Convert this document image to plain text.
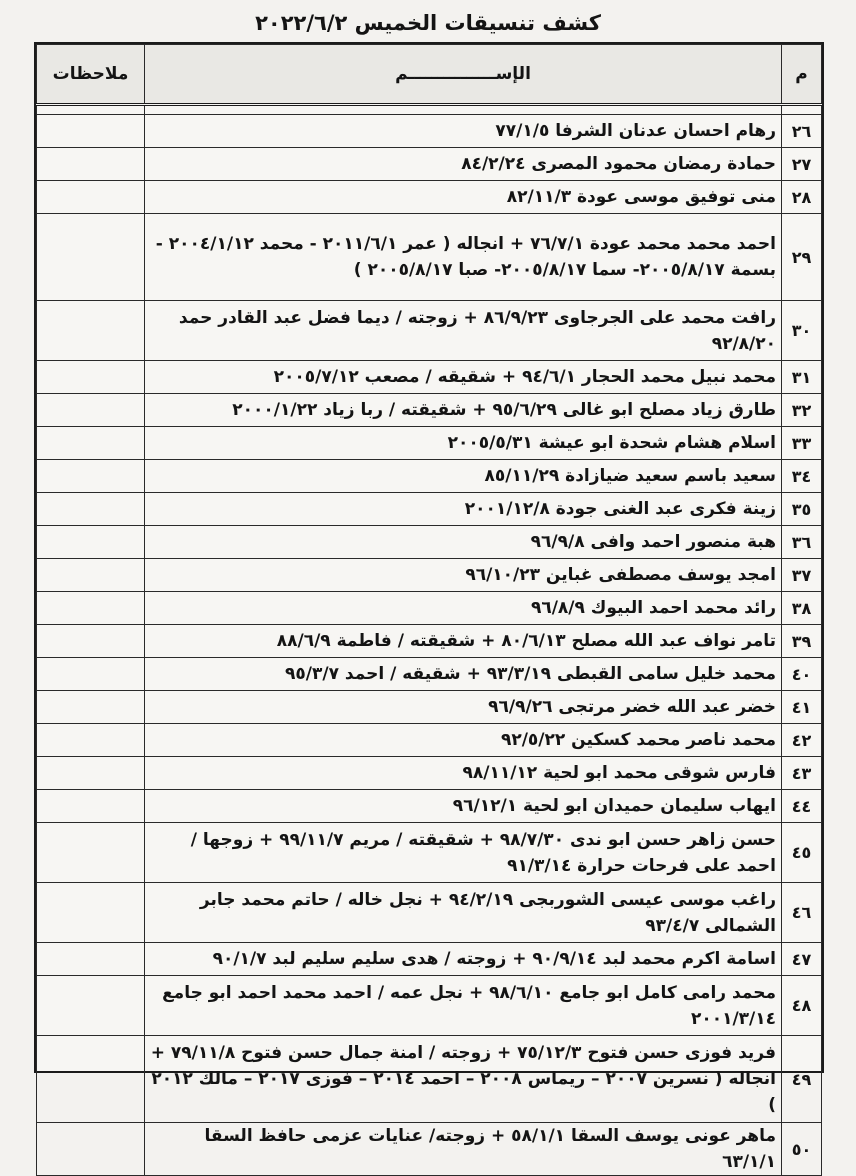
كشف تنسيقات الخميس ٢٠٢٢/٦/٢
م	الإســـــــــــــــم	ملاحظات

٢٦	رهام احسان عدنان الشرفا ٧٧/١/٥	
٢٧	حمادة رمضان محمود المصرى ٨٤/٢/٢٤	
٢٨	منى توفيق موسى عودة ٨٢/١١/٣	
٢٩	احمد محمد محمد عودة ٧٦/٧/١ + انجاله ( عمر ٢٠١١/٦/١ - محمد ٢٠٠٤/١/١٢ - بسمة ٢٠٠٥/٨/١٧- سما ٢٠٠٥/٨/١٧- صبا ٢٠٠٥/٨/١٧ )	
٣٠	رافت محمد على الجرجاوى ٨٦/٩/٢٣ + زوجته / ديما فضل عبد القادر حمد ٩٢/٨/٢٠	
٣١	محمد نبيل محمد الحجار ٩٤/٦/١ + شقيقه / مصعب ٢٠٠٥/٧/١٢	
٣٢	طارق زياد مصلح ابو غالى ٩٥/٦/٢٩ + شقيقته / ربا زياد ٢٠٠٠/١/٢٢	
٣٣	اسلام هشام شحدة ابو عيشة ٢٠٠٥/٥/٣١	
٣٤	سعيد باسم سعيد ضيازادة ٨٥/١١/٢٩	
٣٥	زينة فكرى عبد الغنى جودة ٢٠٠١/١٢/٨	
٣٦	هبة منصور احمد وافى ٩٦/٩/٨	
٣٧	امجد يوسف مصطفى غباين ٩٦/١٠/٢٣	
٣٨	رائد محمد احمد البيوك ٩٦/٨/٩	
٣٩	تامر نواف عبد الله مصلح ٨٠/٦/١٣ + شقيقته / فاطمة ٨٨/٦/٩	
٤٠	محمد خليل سامى القبطى ٩٣/٣/١٩ + شقيقه / احمد ٩٥/٣/٧	
٤١	خضر عبد الله خضر مرتجى ٩٦/٩/٢٦	
٤٢	محمد ناصر محمد كسكين ٩٢/٥/٢٢	
٤٣	فارس شوقى محمد ابو لحية ٩٨/١١/١٢	
٤٤	ايهاب سليمان حميدان ابو لحية ٩٦/١٢/١	
٤٥	حسن زاهر حسن ابو ندى ٩٨/٧/٣٠ + شقيقته / مريم ٩٩/١١/٧ + زوجها / احمد على فرحات حرارة ٩١/٣/١٤	
٤٦	راغب موسى عيسى الشوربجى ٩٤/٢/١٩ + نجل خاله / حاتم محمد جابر الشمالى ٩٣/٤/٧	
٤٧	اسامة اكرم محمد لبد ٩٠/٩/١٤ + زوجته / هدى سليم سليم لبد ٩٠/١/٧	
٤٨	محمد رامى كامل ابو جامع ٩٨/٦/١٠ + نجل عمه / احمد محمد احمد ابو جامع ٢٠٠١/٣/١٤	
٤٩	فريد فوزى حسن فتوح ٧٥/١٢/٣ + زوجته / امنة جمال حسن فتوح ٧٩/١١/٨ + انجاله ( نسرين ٢٠٠٧ – ريماس ٢٠٠٨ – احمد ٢٠١٤ – فوزى ٢٠١٧ – مالك ٢٠١٢ )	
٥٠	ماهر عونى يوسف السقا ٥٨/١/١ + زوجته/ عنايات عزمى حافظ السقا ٦٣/١/١	
